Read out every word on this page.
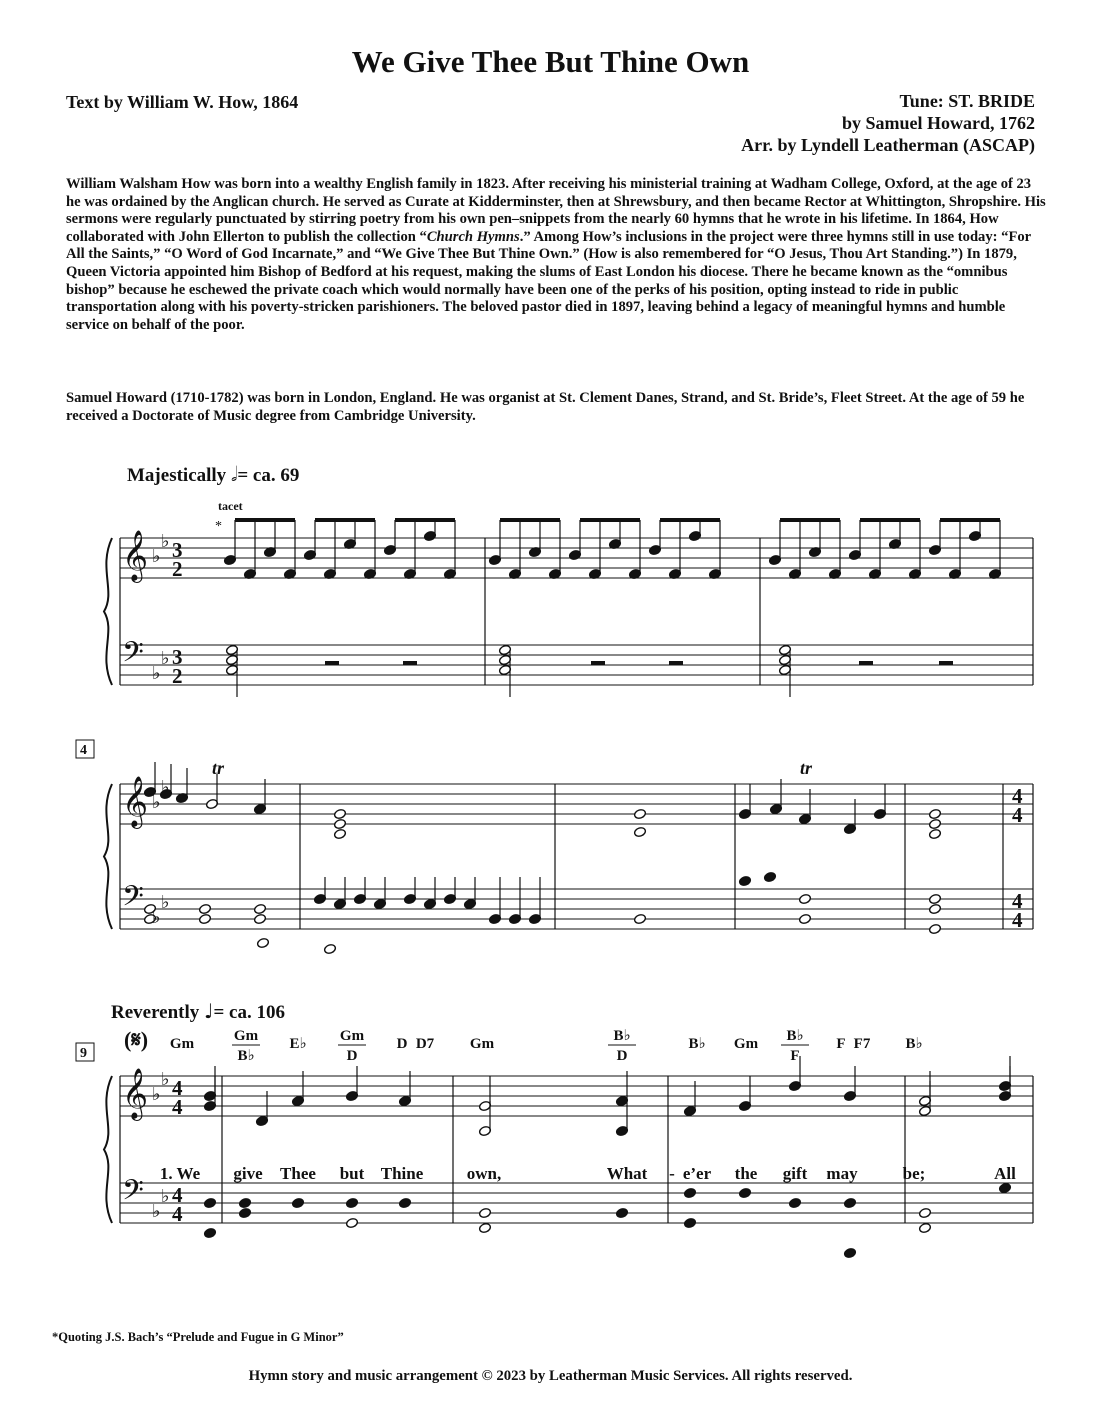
We Give Thee But Thine Own
Text by William W. How, 1864	Tune: ST. BRIDE
by Samuel Howard, 1762
Arr. by Lyndell Leatherman (ASCAP)
William Walsham How was born into a wealthy English family in 1823. After receiving his ministerial training at Wadham College, Oxford, at the age of 23 he was ordained by the Anglican church. He served as Curate at Kidderminster, then at Shrewsbury, and then became Rector at Whittington, Shropshire. His sermons were regularly punctuated by stirring poetry from his own pen–snippets from the nearly 60 hymns that he wrote in his lifetime. In 1864, How collaborated with John Ellerton to publish the collection “Church Hymns.” Among How’s inclusions in the project were three hymns still in use today: “For All the Saints,” “O Word of God Incarnate,” and “We Give Thee But Thine Own.” (How is also remembered for “O Jesus, Thou Art Standing.”) In 1879, Queen Victoria appointed him Bishop of Bedford at his request, making the slums of East London his diocese. There he became known as the “omnibus bishop” because he eschewed the private coach which would normally have been one of the perks of his position, opting instead to ride in public transportation along with his poverty-stricken parishioners. The beloved pastor died in 1897, leaving behind a legacy of meaningful hymns and humble service on behalf of the poor.
Samuel Howard (1710-1782) was born in London, England. He was organist at St. Clement Danes, Strand, and St. Bride’s, Fleet Street. At the age of 59 he received a Doctorate of Music degree from Cambridge University.
Majestically 𝅗𝅥= ca. 69
Reverently ♩= ca. 106
𝄞
𝄢
♭
♭
♭
♭
𝄞
𝄢
♭
♭
♭
♭
𝄞
𝄢
♭
♭
♭
♭
3
2
3
2
4
4
4
4
4
4
4
4
tacet
*
tr	tr
4
9
(𝄋) Gm	Gm
B♭
E♭ Gm
D
D D7 Gm	B♭
D
B♭ Gm B♭
F
F F7 B♭
1. We give Thee but Thine	own,	What - e’er the gift may	be;	All
*Quoting J.S. Bach’s “Prelude and Fugue in G Minor”
Hymn story and music arrangement © 2023 by Leatherman Music Services. All rights reserved.
